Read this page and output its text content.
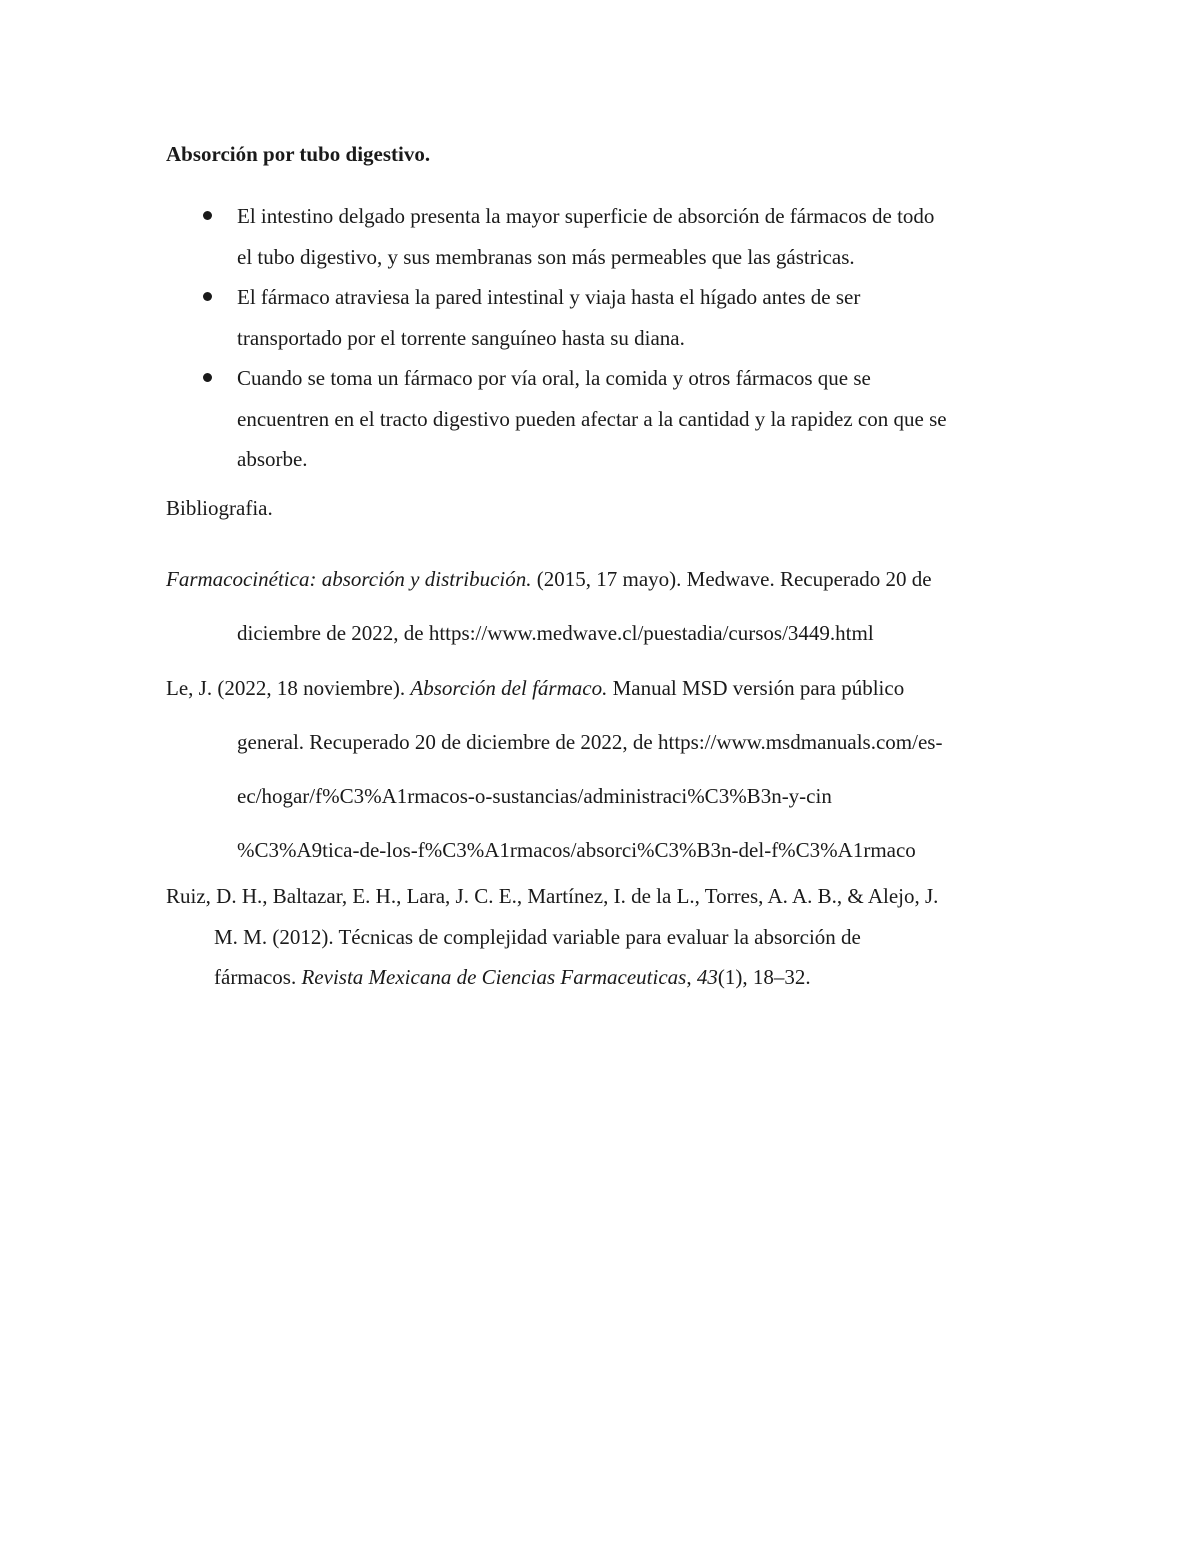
Absorción por tubo digestivo.

El intestino delgado presenta la mayor superficie de absorción de fármacos de todo
el tubo digestivo, y sus membranas son más permeables que las gástricas.
El fármaco atraviesa la pared intestinal y viaja hasta el hígado antes de ser
transportado por el torrente sanguíneo hasta su diana.
Cuando se toma un fármaco por vía oral, la comida y otros fármacos que se
encuentren en el tracto digestivo pueden afectar a la cantidad y la rapidez con que se
absorbe.

Bibliografia.

Farmacocinética: absorción y distribución. (2015, 17 mayo). Medwave. Recuperado 20 de
diciembre de 2022, de https://www.medwave.cl/puestadia/cursos/3449.html
Le, J. (2022, 18 noviembre). Absorción del fármaco. Manual MSD versión para público
general. Recuperado 20 de diciembre de 2022, de https://www.msdmanuals.com/es-
ec/hogar/f%C3%A1rmacos-o-sustancias/administraci%C3%B3n-y-cin
%C3%A9tica-de-los-f%C3%A1rmacos/absorci%C3%B3n-del-f%C3%A1rmaco
Ruiz, D. H., Baltazar, E. H., Lara, J. C. E., Martínez, I. de la L., Torres, A. A. B., & Alejo, J.
M. M. (2012). Técnicas de complejidad variable para evaluar la absorción de
fármacos. Revista Mexicana de Ciencias Farmaceuticas, 43(1), 18–32.
